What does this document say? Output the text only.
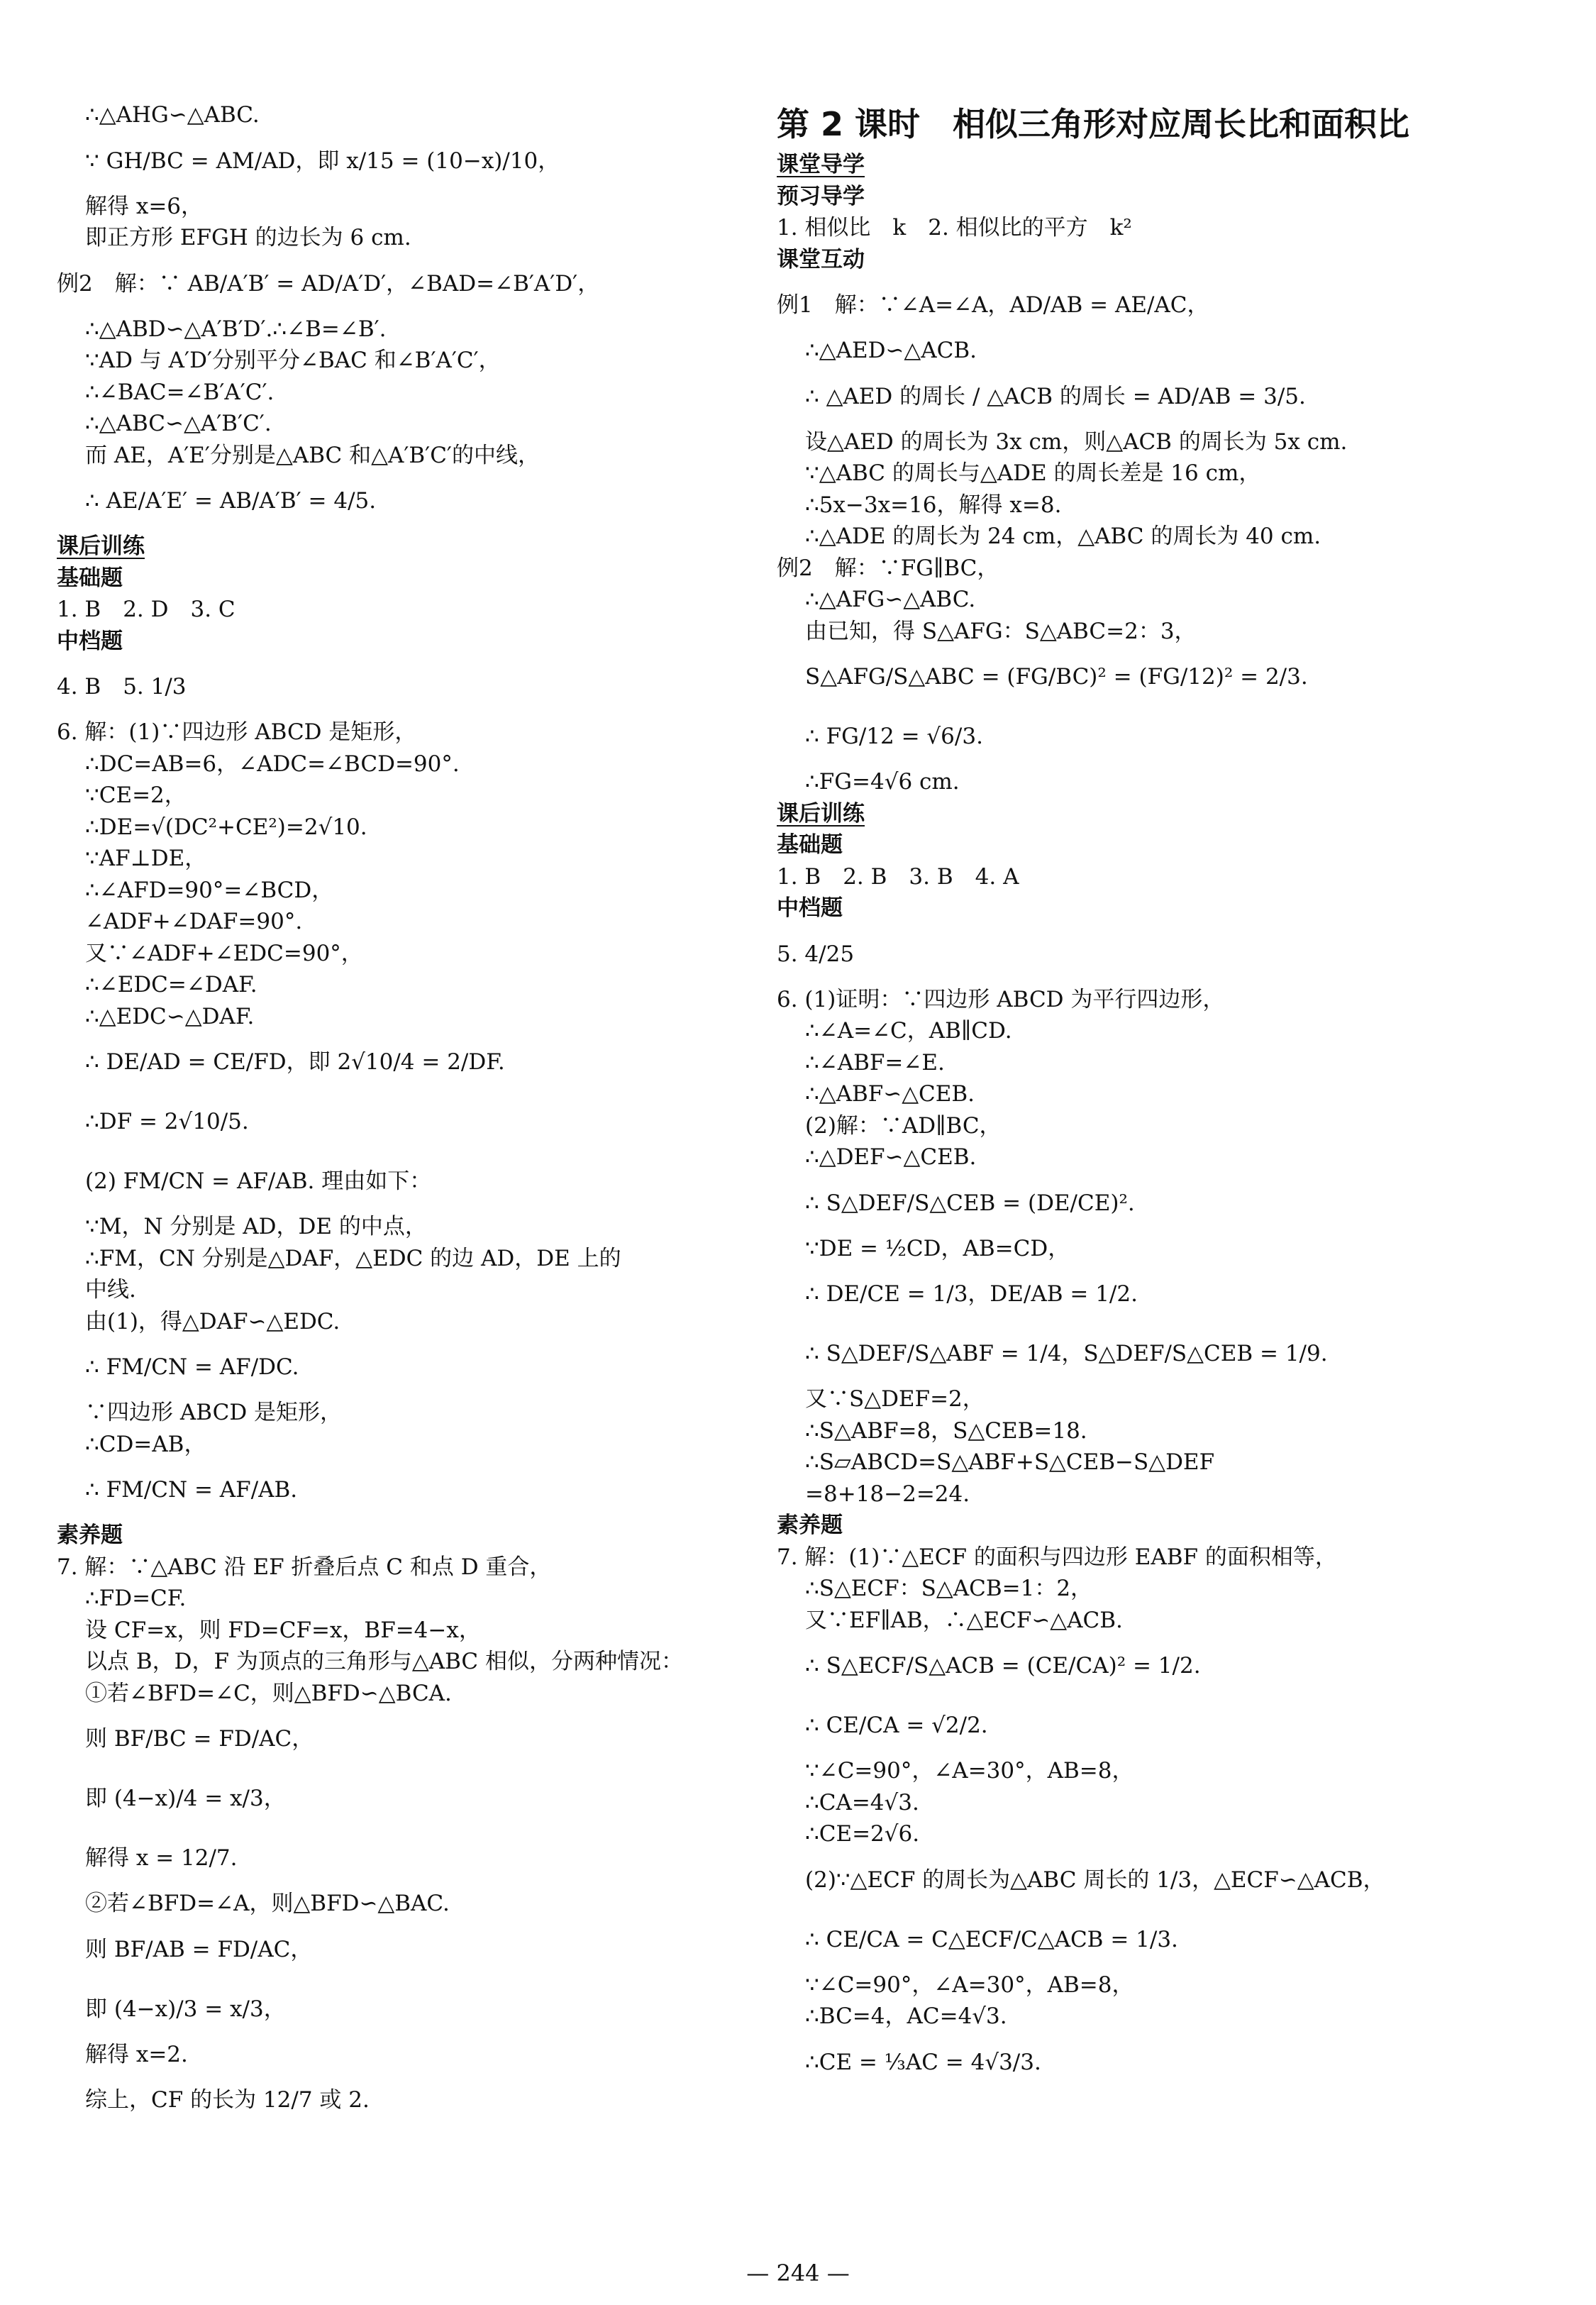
∴△AHG∽△ABC.
∵ GH/BC = AM/AD，即 x/15 = (10−x)/10，
解得 x=6，
即正方形 EFGH 的边长为 6 cm.
例2　解：∵ AB/A′B′ = AD/A′D′，∠BAD=∠B′A′D′，
∴△ABD∽△A′B′D′.∴∠B=∠B′.
∵AD 与 A′D′分别平分∠BAC 和∠B′A′C′，
∴∠BAC=∠B′A′C′.
∴△ABC∽△A′B′C′.
而 AE，A′E′分别是△ABC 和△A′B′C′的中线，
∴ AE/A′E′ = AB/A′B′ = 4/5.
课后训练
基础题
1. B　2. D　3. C
中档题
4. B　5. 1/3
6. 解：(1)∵四边形 ABCD 是矩形，
∴DC=AB=6，∠ADC=∠BCD=90°.
∵CE=2，
∴DE=√(DC²+CE²)=2√10.
∵AF⊥DE，
∴∠AFD=90°=∠BCD，
∠ADF+∠DAF=90°.
又∵∠ADF+∠EDC=90°，
∴∠EDC=∠DAF.
∴△EDC∽△DAF.
∴ DE/AD = CE/FD，即 2√10/4 = 2/DF.
∴DF = 2√10/5.
(2) FM/CN = AF/AB. 理由如下：
∵M，N 分别是 AD，DE 的中点，
∴FM，CN 分别是△DAF，△EDC 的边 AD，DE 上的
中线.
由(1)，得△DAF∽△EDC.
∴ FM/CN = AF/DC.
∵四边形 ABCD 是矩形，
∴CD=AB，
∴ FM/CN = AF/AB.
素养题
7. 解：∵△ABC 沿 EF 折叠后点 C 和点 D 重合，
∴FD=CF.
设 CF=x，则 FD=CF=x，BF=4−x，
以点 B，D，F 为顶点的三角形与△ABC 相似，分两种情况：
①若∠BFD=∠C，则△BFD∽△BCA.
则 BF/BC = FD/AC，
即 (4−x)/4 = x/3，
解得 x = 12/7.
②若∠BFD=∠A，则△BFD∽△BAC.
则 BF/AB = FD/AC，
即 (4−x)/3 = x/3，
解得 x=2.
综上，CF 的长为 12/7 或 2.
第 2 课时　相似三角形对应周长比和面积比
课堂导学
预习导学
1. 相似比　k　2. 相似比的平方　k²
课堂互动
例1　解：∵∠A=∠A，AD/AB = AE/AC，
∴△AED∽△ACB.
∴ △AED 的周长 / △ACB 的周长 = AD/AB = 3/5.
设△AED 的周长为 3x cm，则△ACB 的周长为 5x cm.
∵△ABC 的周长与△ADE 的周长差是 16 cm，
∴5x−3x=16，解得 x=8.
∴△ADE 的周长为 24 cm，△ABC 的周长为 40 cm.
例2　解：∵FG∥BC，
∴△AFG∽△ABC.
由已知，得 S△AFG：S△ABC=2：3，
S△AFG/S△ABC = (FG/BC)² = (FG/12)² = 2/3.
∴ FG/12 = √6/3.
∴FG=4√6 cm.
课后训练
基础题
1. B　2. B　3. B　4. A
中档题
5. 4/25
6. (1)证明：∵四边形 ABCD 为平行四边形，
∴∠A=∠C，AB∥CD.
∴∠ABF=∠E.
∴△ABF∽△CEB.
(2)解：∵AD∥BC，
∴△DEF∽△CEB.
∴ S△DEF/S△CEB = (DE/CE)².
∵DE = ½CD，AB=CD，
∴ DE/CE = 1/3，DE/AB = 1/2.
∴ S△DEF/S△ABF = 1/4，S△DEF/S△CEB = 1/9.
又∵S△DEF=2，
∴S△ABF=8，S△CEB=18.
∴S▱ABCD=S△ABF+S△CEB−S△DEF
=8+18−2=24.
素养题
7. 解：(1)∵△ECF 的面积与四边形 EABF 的面积相等，
∴S△ECF：S△ACB=1：2，
又∵EF∥AB，∴△ECF∽△ACB.
∴ S△ECF/S△ACB = (CE/CA)² = 1/2.
∴ CE/CA = √2/2.
∵∠C=90°，∠A=30°，AB=8，
∴CA=4√3.
∴CE=2√6.
(2)∵△ECF 的周长为△ABC 周长的 1/3，△ECF∽△ACB，
∴ CE/CA = C△ECF/C△ACB = 1/3.
∵∠C=90°，∠A=30°，AB=8，
∴BC=4，AC=4√3.
∴CE = ⅓AC = 4√3/3.
— 244 —
